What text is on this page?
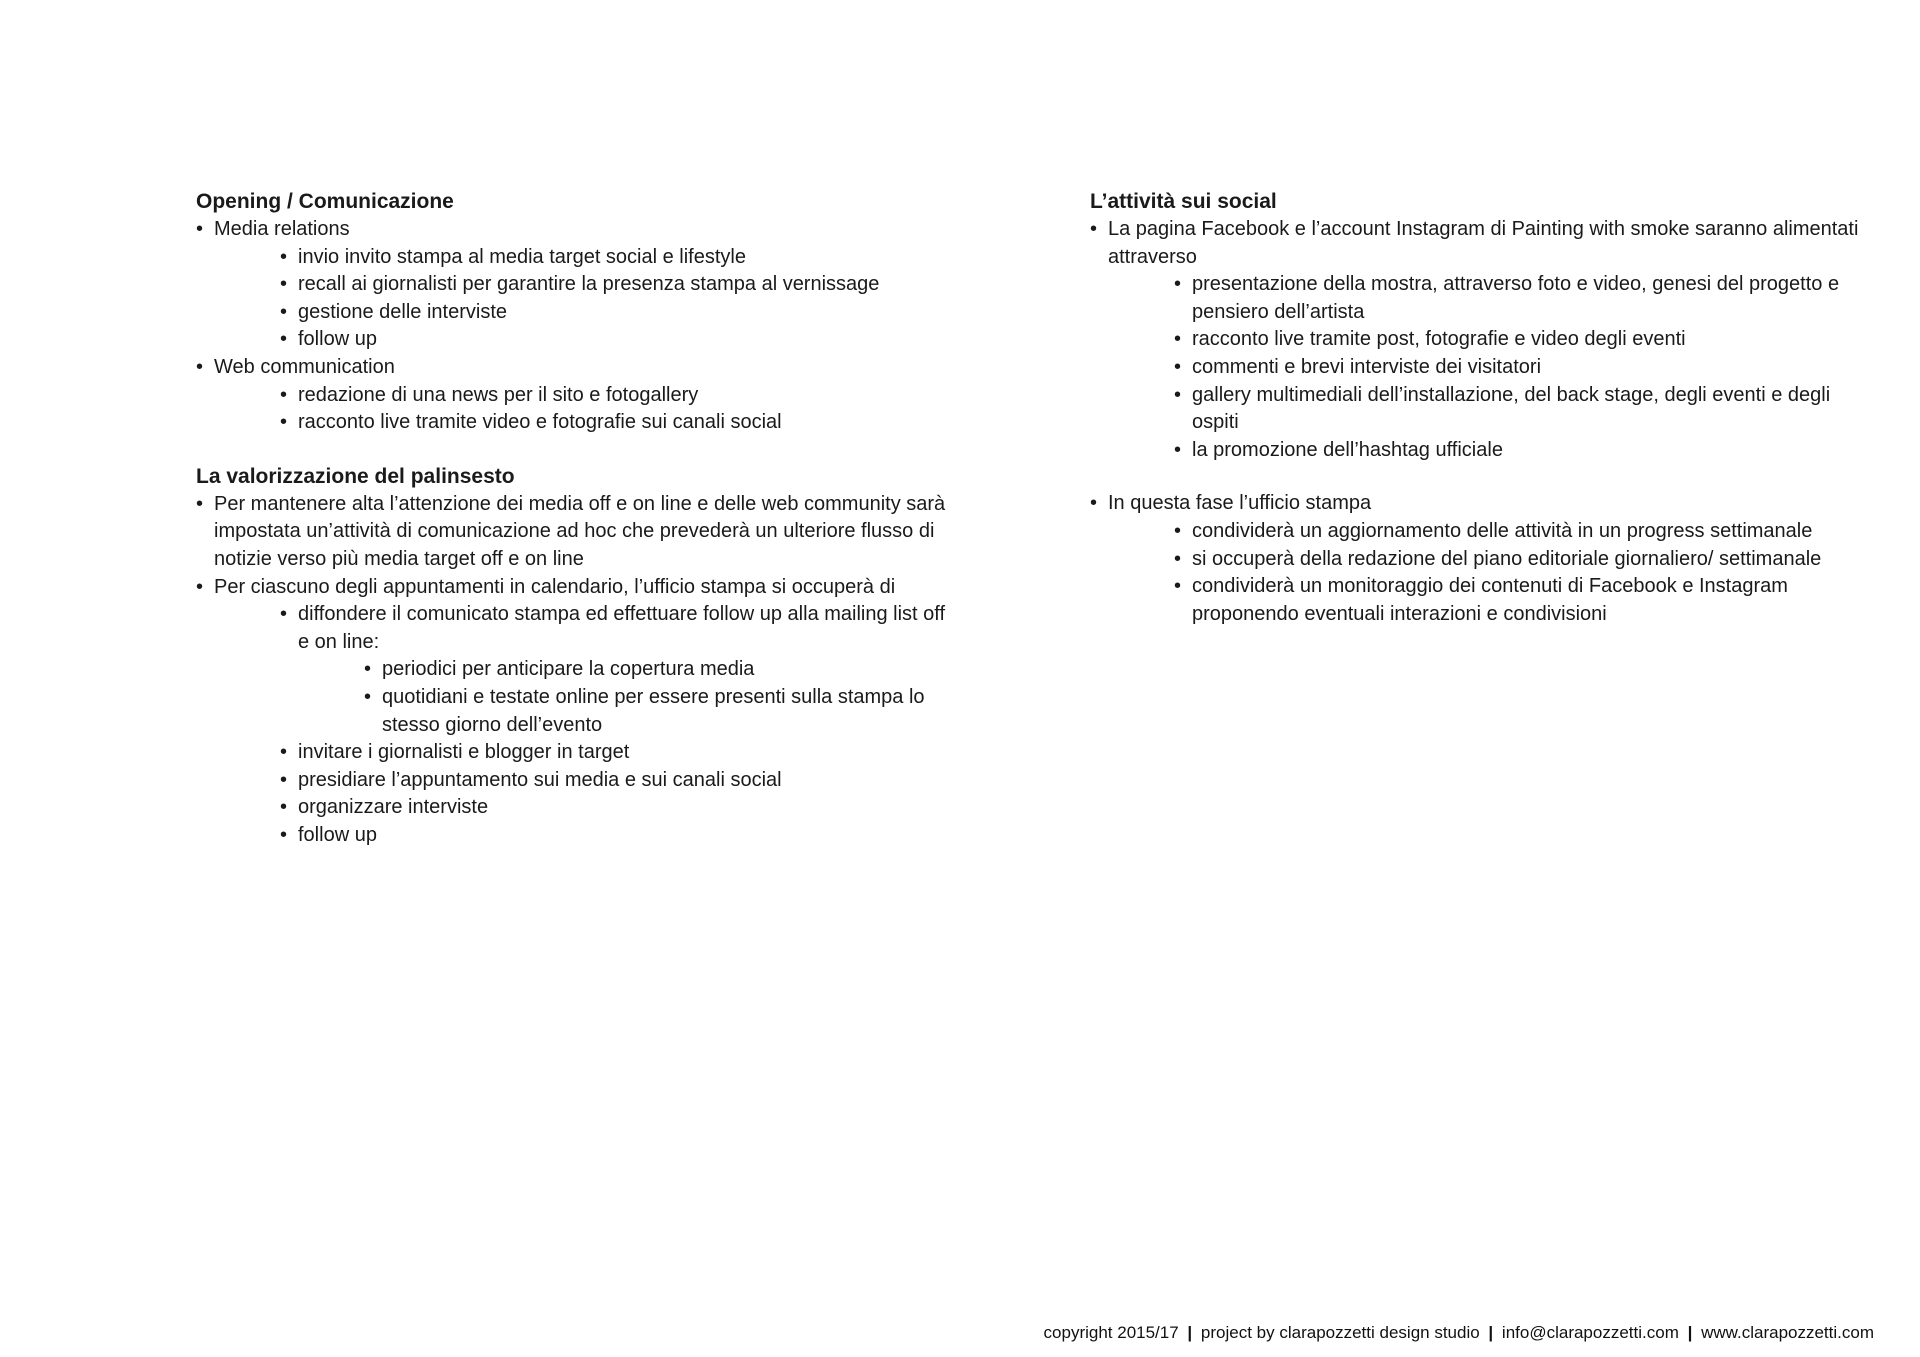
Opening / Comunicazione

• Media relations
• invio invito stampa al media target social e lifestyle
• recall ai giornalisti per garantire la presenza stampa al vernissage
• gestione delle interviste
• follow up
• Web communication
• redazione di una news per il sito e fotogallery
• racconto live tramite video e fotografie sui canali social

La valorizzazione del palinsesto

• Per mantenere alta l’attenzione dei media off e on line e delle web community sarà impostata un’attività di comunicazione ad hoc che prevederà un ulteriore flusso di notizie verso più media target off e on line
• Per ciascuno degli appuntamenti in calendario, l’ufficio stampa si occuperà di
• diffondere il comunicato stampa ed effettuare follow up alla mailing list off e on line:
• periodici per anticipare la copertura media
• quotidiani e testate online per essere presenti sulla stampa lo stesso giorno dell’evento
• invitare i giornalisti e blogger in target
• presidiare l’appuntamento sui media e sui canali social
• organizzare interviste
• follow up

L’attività sui social

• La pagina Facebook e l’account Instagram di Painting with smoke saranno alimentati attraverso
• presentazione della mostra, attraverso foto e video, genesi del progetto e pensiero dell’artista
• racconto live tramite post, fotografie e video degli eventi
• commenti e brevi interviste dei visitatori
• gallery multimediali dell’installazione, del back stage, degli eventi e degli ospiti
• la promozione dell’hashtag ufficiale
• In questa fase l’ufficio stampa
• condividerà un aggiornamento delle attività in un progress settimanale
• si occuperà della redazione del piano editoriale giornaliero/ settimanale
• condividerà un monitoraggio dei contenuti di Facebook e Instagram proponendo eventuali interazioni e condivisioni
copyright 2015/17 | project by clarapozzetti design studio | info@clarapozzetti.com | www.clarapozzetti.com
